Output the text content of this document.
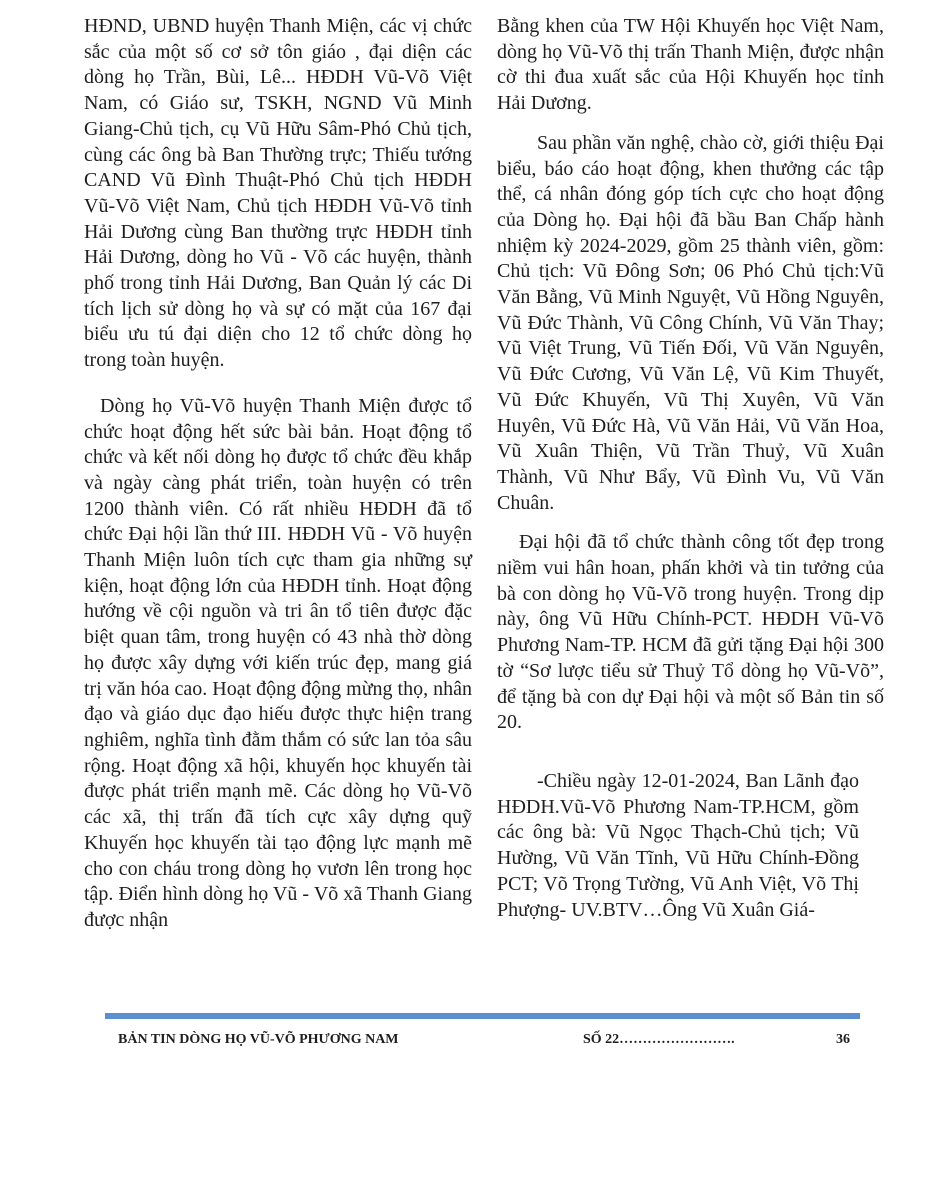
HĐND, UBND huyện Thanh Miện, các vị chức sắc của một số cơ sở tôn giáo , đại diện các dòng họ Trần, Bùi, Lê... HĐDH Vũ-Võ Việt Nam, có Giáo sư, TSKH, NGND Vũ Minh Giang-Chủ tịch, cụ Vũ Hữu Sâm-Phó Chủ tịch, cùng các ông bà Ban Thường trực; Thiếu tướng CAND Vũ Đình Thuật-Phó Chủ tịch HĐDH Vũ-Võ Việt Nam, Chủ tịch HĐDH Vũ-Võ tỉnh Hải Dương cùng Ban thường trực HĐDH tỉnh Hải Dương, dòng ho Vũ - Võ các huyện, thành phố trong tỉnh Hải Dương, Ban Quản lý các Di tích lịch sử dòng họ và sự có mặt của 167 đại biểu ưu tú đại diện cho 12 tổ chức dòng họ trong toàn huyện.

Dòng họ Vũ-Võ huyện Thanh Miện được tổ chức hoạt động hết sức bài bản. Hoạt động tổ chức và kết nối dòng họ được tổ chức đều khắp và ngày càng phát triển, toàn huyện có trên 1200 thành viên. Có rất nhiều HĐDH đã tổ chức Đại hội lần thứ III. HĐDH Vũ - Võ huyện Thanh Miện luôn tích cực tham gia những sự kiện, hoạt động lớn của HĐDH tỉnh. Hoạt động hướng về cội nguồn và tri ân tổ tiên được đặc biệt quan tâm, trong huyện có 43 nhà thờ dòng họ được xây dựng với kiến trúc đẹp, mang giá trị văn hóa cao. Hoạt động động mừng thọ, nhân đạo và giáo dục đạo hiếu được thực hiện trang nghiêm, nghĩa tình đằm thắm có sức lan tỏa sâu rộng. Hoạt động xã hội, khuyến học khuyến tài được phát triển mạnh mẽ. Các dòng họ Vũ-Võ các xã, thị trấn đã tích cực xây dựng quỹ Khuyến học khuyến tài tạo động lực mạnh mẽ cho con cháu trong dòng họ vươn lên trong học tập. Điển hình dòng họ Vũ - Võ xã Thanh Giang được nhận

Bằng khen của TW Hội Khuyến học Việt Nam, dòng họ Vũ-Võ thị trấn Thanh Miện, được nhận cờ thi đua xuất sắc của Hội Khuyến học tỉnh Hải Dương.

Sau phần văn nghệ, chào cờ, giới thiệu Đại biểu, báo cáo hoạt động, khen thưởng các tập thể, cá nhân đóng góp tích cực cho hoạt động của Dòng họ. Đại hội đã bầu Ban Chấp hành nhiệm kỳ 2024-2029, gồm 25 thành viên, gồm: Chủ tịch: Vũ Đông Sơn; 06 Phó Chủ tịch:Vũ Văn Bằng, Vũ Minh Nguyệt, Vũ Hồng Nguyên, Vũ Đức Thành, Vũ Công Chính, Vũ Văn Thay; Vũ Việt Trung, Vũ Tiến Đối, Vũ Văn Nguyên, Vũ Đức Cương, Vũ Văn Lệ, Vũ Kim Thuyết, Vũ Đức Khuyến, Vũ Thị Xuyên, Vũ Văn Huyên, Vũ Đức Hà, Vũ Văn Hải, Vũ Văn Hoa, Vũ Xuân Thiện, Vũ Trần Thuỷ, Vũ Xuân Thành, Vũ Như Bẩy, Vũ Đình Vu, Vũ Văn Chuân.

Đại hội đã tổ chức thành công tốt đẹp trong niềm vui hân hoan, phấn khởi và tin tưởng của bà con dòng họ Vũ-Võ trong huyện. Trong dịp này, ông Vũ Hữu Chính-PCT. HĐDH Vũ-Võ Phương Nam-TP. HCM đã gửi tặng Đại hội 300 tờ “Sơ lược tiểu sử Thuỷ Tổ dòng họ Vũ-Võ”, để tặng bà con dự Đại hội và một số Bản tin số 20.

-Chiều ngày 12-01-2024, Ban Lãnh đạo HĐDH.Vũ-Võ Phương Nam-TP.HCM, gồm các ông bà: Vũ Ngọc Thạch-Chủ tịch; Vũ Hường, Vũ Văn Tĩnh, Vũ Hữu Chính-Đồng PCT; Võ Trọng Tường, Vũ Anh Việt, Võ Thị Phượng- UV.BTV…Ông Vũ Xuân Giá-

BẢN TIN DÒNG HỌ VŨ-VÕ PHƯƠNG NAM	SỐ 22…………………….	36
